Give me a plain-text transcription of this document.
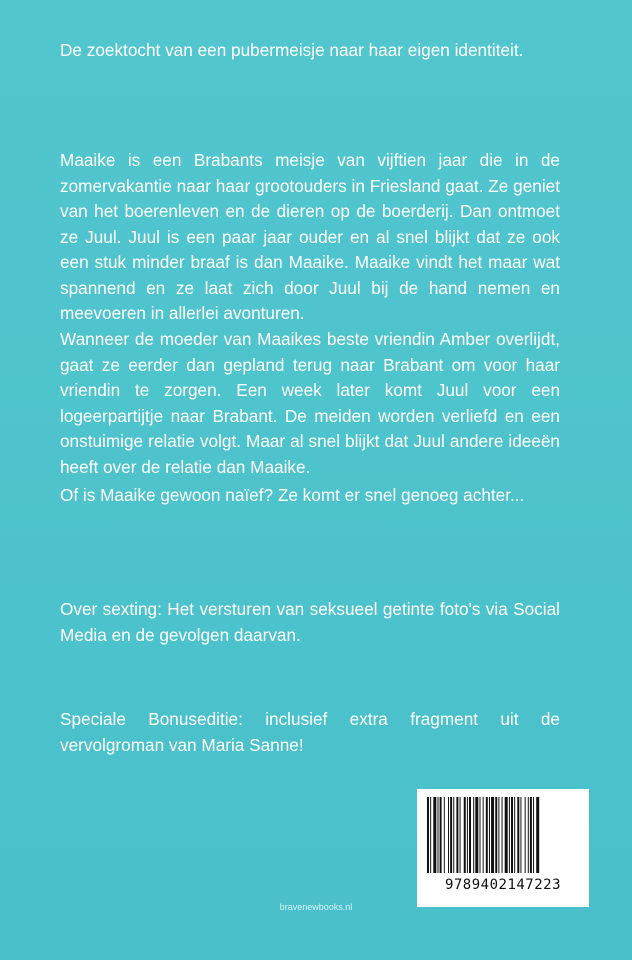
De zoektocht van een pubermeisje naar haar eigen identiteit.

Maaike is een Brabants meisje van vijftien jaar die in de zomervakantie naar haar grootouders in Friesland gaat. Ze geniet van het boerenleven en de dieren op de boerderij. Dan ontmoet ze Juul. Juul is een paar jaar ouder en al snel blijkt dat ze ook een stuk minder braaf is dan Maaike. Maaike vindt het maar wat spannend en ze laat zich door Juul bij de hand nemen en meevoeren in allerlei avonturen.

Wanneer de moeder van Maaikes beste vriendin Amber overlijdt, gaat ze eerder dan gepland terug naar Brabant om voor haar vriendin te zorgen. Een week later komt Juul voor een logeerpartijtje naar Brabant. De meiden worden verliefd en een onstuimige relatie volgt. Maar al snel blijkt dat Juul andere ideeën heeft over de relatie dan Maaike.

Of is Maaike gewoon naïef? Ze komt er snel genoeg achter...

Over sexting: Het versturen van seksueel getinte foto's via Social Media en de gevolgen daarvan.

Speciale Bonuseditie: inclusief extra fragment uit de vervolgroman van Maria Sanne!

9789402147223
bravenewbooks.nl
